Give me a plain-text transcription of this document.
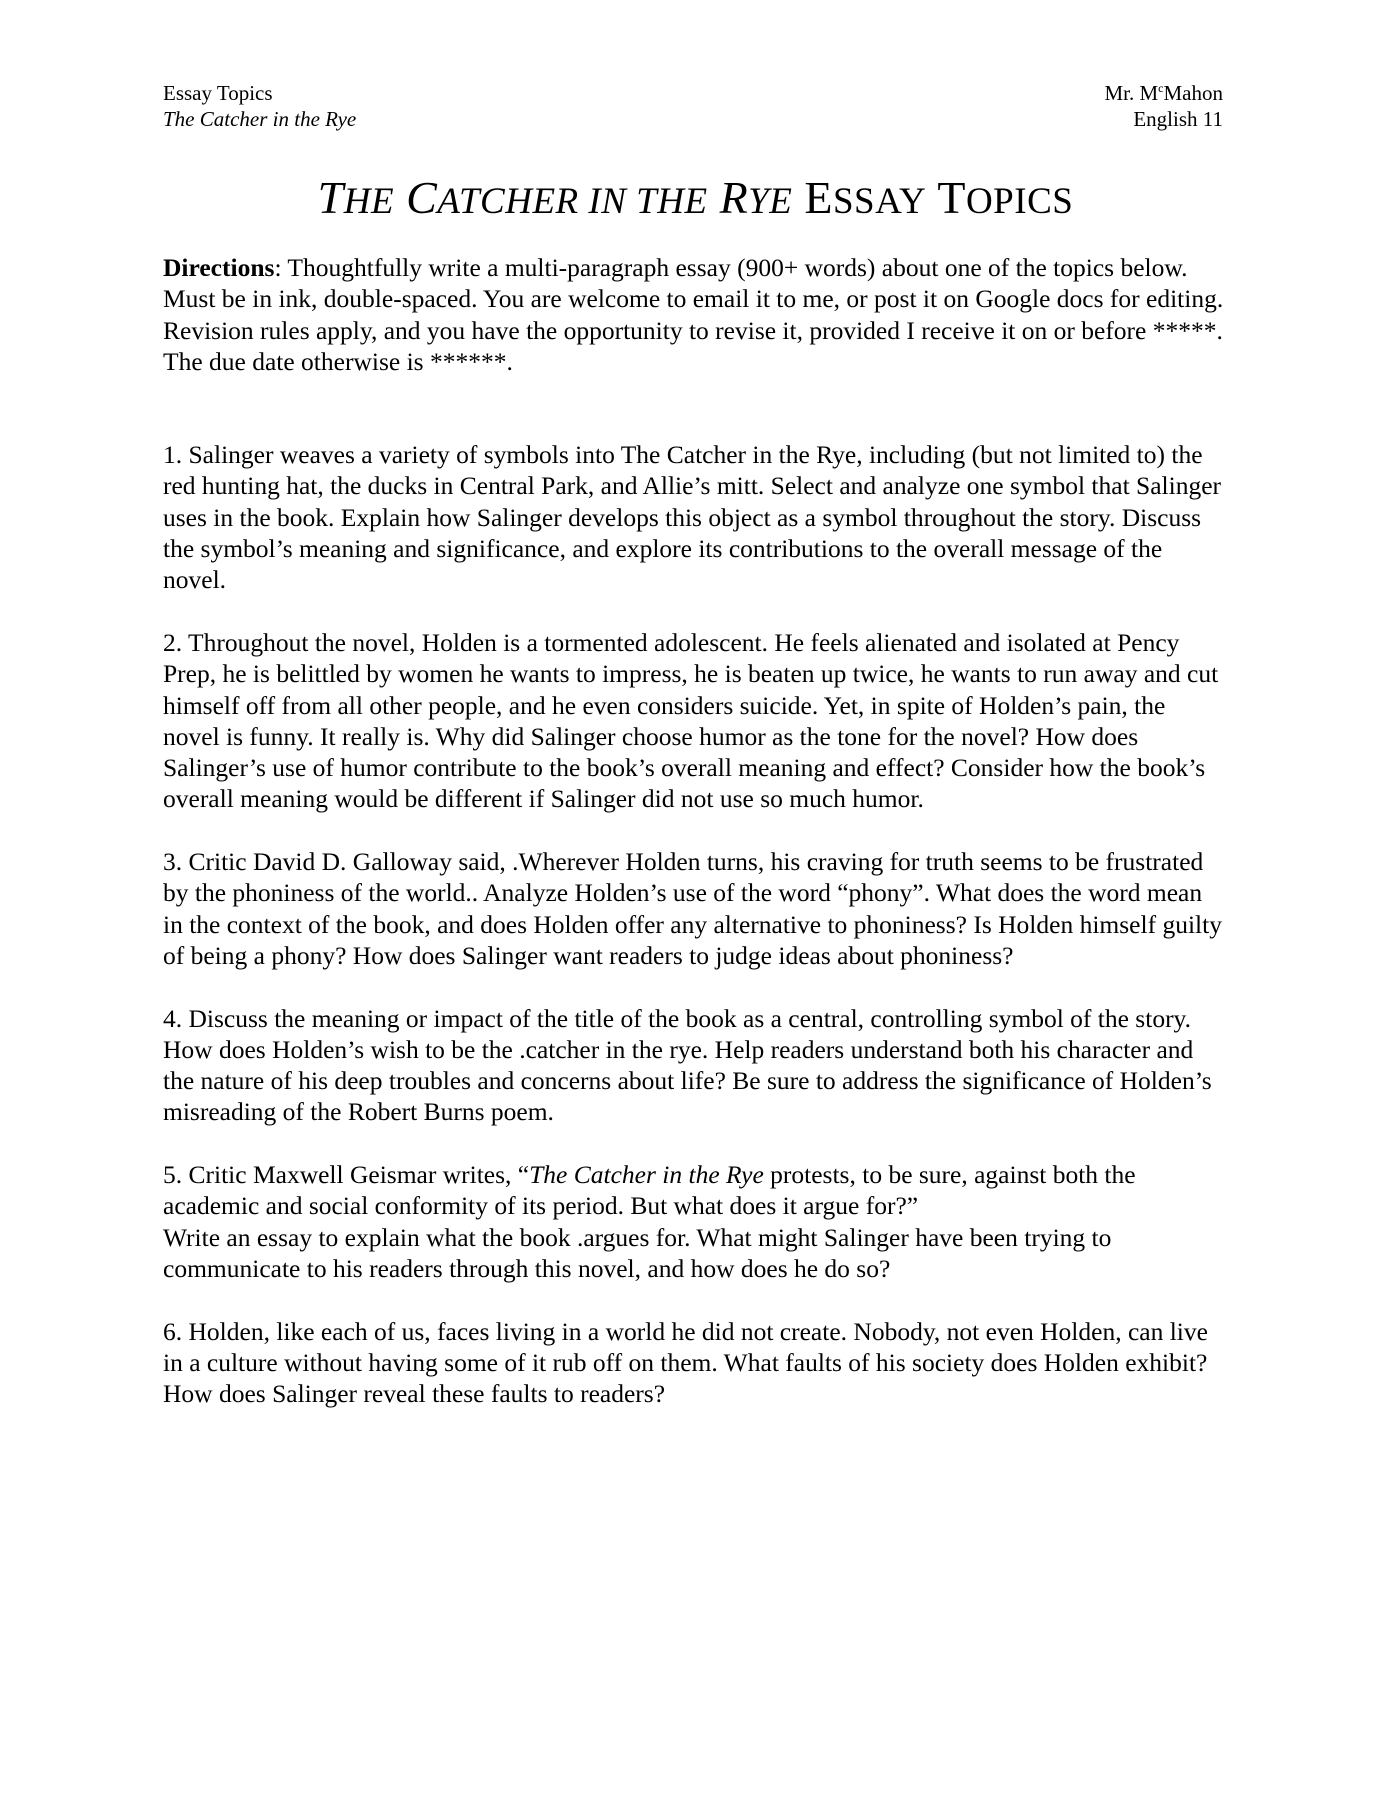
Essay Topics	Mr. $M^cMahon$
The Catcher in the Rye	English 11
THE CATCHER IN THE RYE ESSAY TOPICS

Directions: Thoughtfully write a multi-paragraph essay (900+ words) about one of the topics below. Must be in ink, double-spaced. You are welcome to email it to me, or post it on Google docs for editing. Revision rules apply, and you have the opportunity to revise it, provided I receive it on or before *****. The due date otherwise is ******.

1. Salinger weaves a variety of symbols into The Catcher in the Rye, including (but not limited to) the red hunting hat, the ducks in Central Park, and Allie’s mitt. Select and analyze one symbol that Salinger uses in the book. Explain how Salinger develops this object as a symbol throughout the story. Discuss the symbol’s meaning and significance, and explore its contributions to the overall message of the novel.

2. Throughout the novel, Holden is a tormented adolescent. He feels alienated and isolated at Pency Prep, he is belittled by women he wants to impress, he is beaten up twice, he wants to run away and cut himself off from all other people, and he even considers suicide. Yet, in spite of Holden’s pain, the novel is funny. It really is. Why did Salinger choose humor as the tone for the novel? How does Salinger’s use of humor contribute to the book’s overall meaning and effect? Consider how the book’s overall meaning would be different if Salinger did not use so much humor.

3. Critic David D. Galloway said, .Wherever Holden turns, his craving for truth seems to be frustrated by the phoniness of the world.. Analyze Holden’s use of the word “phony”. What does the word mean in the context of the book, and does Holden offer any alternative to phoniness? Is Holden himself guilty of being a phony? How does Salinger want readers to judge ideas about phoniness?

4. Discuss the meaning or impact of the title of the book as a central, controlling symbol of the story. How does Holden’s wish to be the .catcher in the rye. Help readers understand both his character and the nature of his deep troubles and concerns about life? Be sure to address the significance of Holden’s misreading of the Robert Burns poem.

5. Critic Maxwell Geismar writes, “The Catcher in the Rye protests, to be sure, against both the academic and social conformity of its period. But what does it argue for?”

Write an essay to explain what the book .argues for. What might Salinger have been trying to communicate to his readers through this novel, and how does he do so?

6. Holden, like each of us, faces living in a world he did not create. Nobody, not even Holden, can live in a culture without having some of it rub off on them. What faults of his society does Holden exhibit? How does Salinger reveal these faults to readers?
